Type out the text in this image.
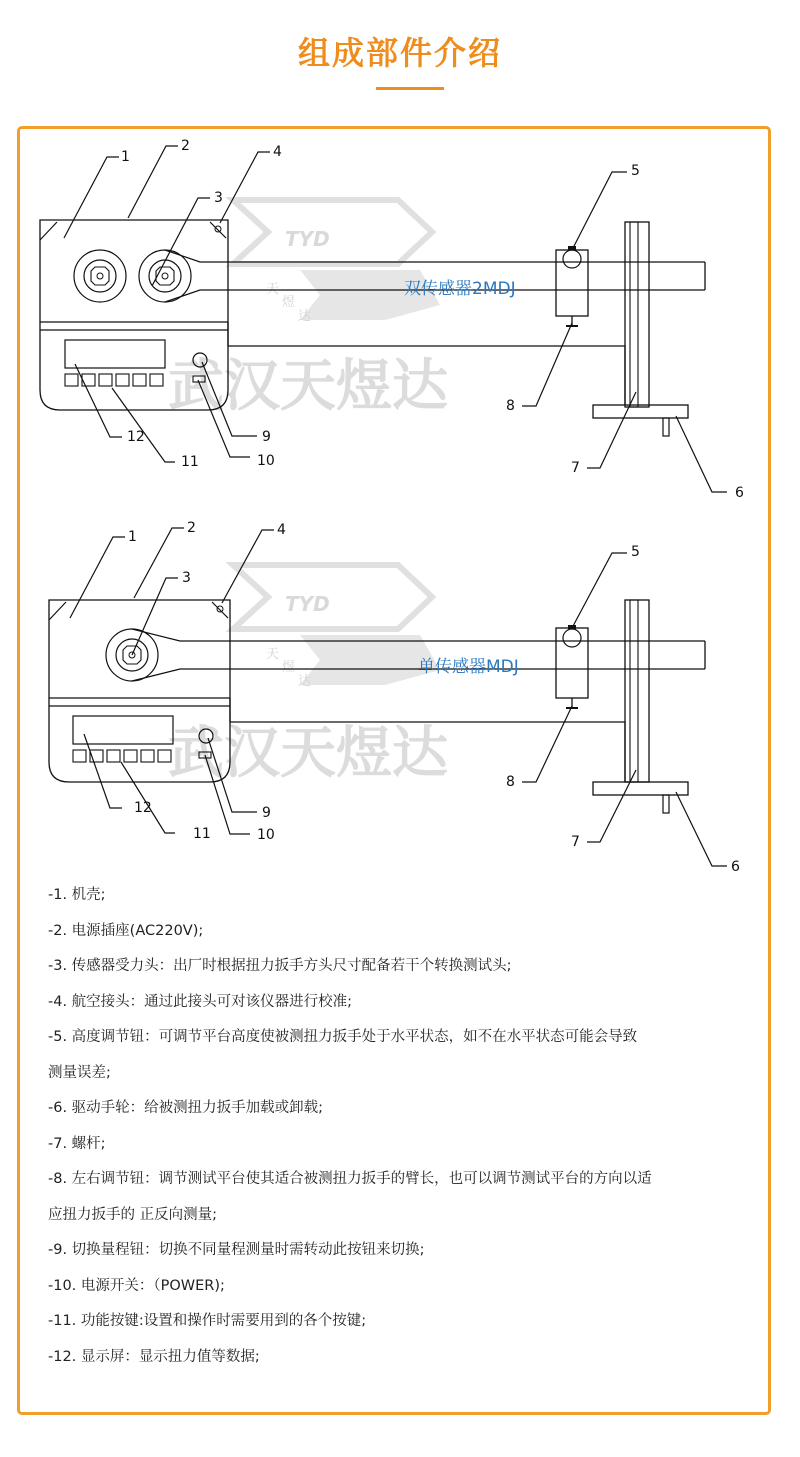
组成部件介绍
TYD
天
煜
达
武汉天煜达
双传感器2MDJ
1
2
3
4
5
6
7
8
9
10
11
12
TYD
天
煜
达
武汉天煜达
单传感器MDJ
1
2
3
4
5
6
7
8
9
10
11
12
-1. 机壳;
-2. 电源插座(AC220V);
-3. 传感器受力头：出厂时根据扭力扳手方头尺寸配备若干个转换测试头;
-4. 航空接头：通过此接头可对该仪器进行校准;
-5. 高度调节钮：可调节平台高度使被测扭力扳手处于水平状态，如不在水平状态可能会导致
测量误差;
-6. 驱动手轮：给被测扭力扳手加载或卸载;
-7. 螺杆;
-8. 左右调节钮：调节测试平台使其适合被测扭力扳手的臂长，也可以调节测试平台的方向以适
应扭力扳手的 正反向测量;
-9. 切换量程钮：切换不同量程测量时需转动此按钮来切换;
-10. 电源开关：（POWER);
-11. 功能按键:设置和操作时需要用到的各个按键;
-12. 显示屏：显示扭力值等数据;
